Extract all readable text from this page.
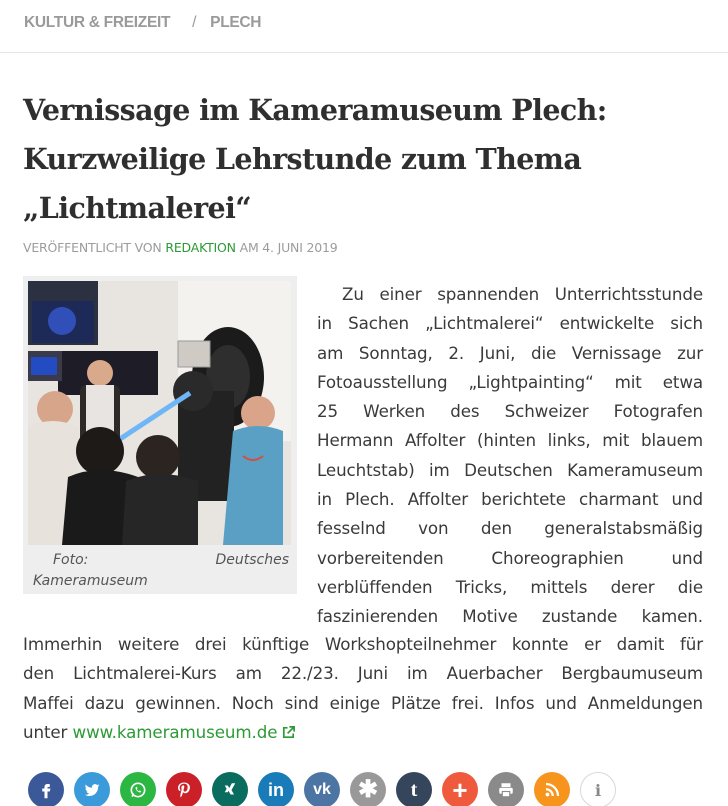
KULTUR & FREIZEIT / PLECH
Vernissage im Kameramuseum Plech:
Kurzweilige Lehrstunde zum Thema
„Lichtmalerei“
VERÖFFENTLICHT VON REDAKTION AM 4. JUNI 2019
Foto:	Deutsches
Kameramuseum
Zu einer spannenden Unterrichtsstunde
in Sachen „Lichtmalerei“ entwickelte sich
am Sonntag, 2. Juni, die Vernissage zur
Fotoausstellung „Lightpainting“ mit etwa
25 Werken des Schweizer Fotografen
Hermann Affolter (hinten links, mit blauem
Leuchtstab) im Deutschen Kameramuseum
in Plech. Affolter berichtete charmant und
fesselnd von den generalstabsmäßig
vorbereitenden Choreographien und
verblüffenden Tricks, mittels derer die
faszinierenden Motive zustande kamen.
Immerhin weitere drei künftige Workshopteilnehmer konnte er damit für
den Lichtmalerei-Kurs am 22./23. Juni im Auerbacher Bergbaumuseum
Maffei dazu gewinnen. Noch sind einige Plätze frei. Infos und Anmeldungen
unter www.kameramuseum.de
in vk ✱ t +	i
